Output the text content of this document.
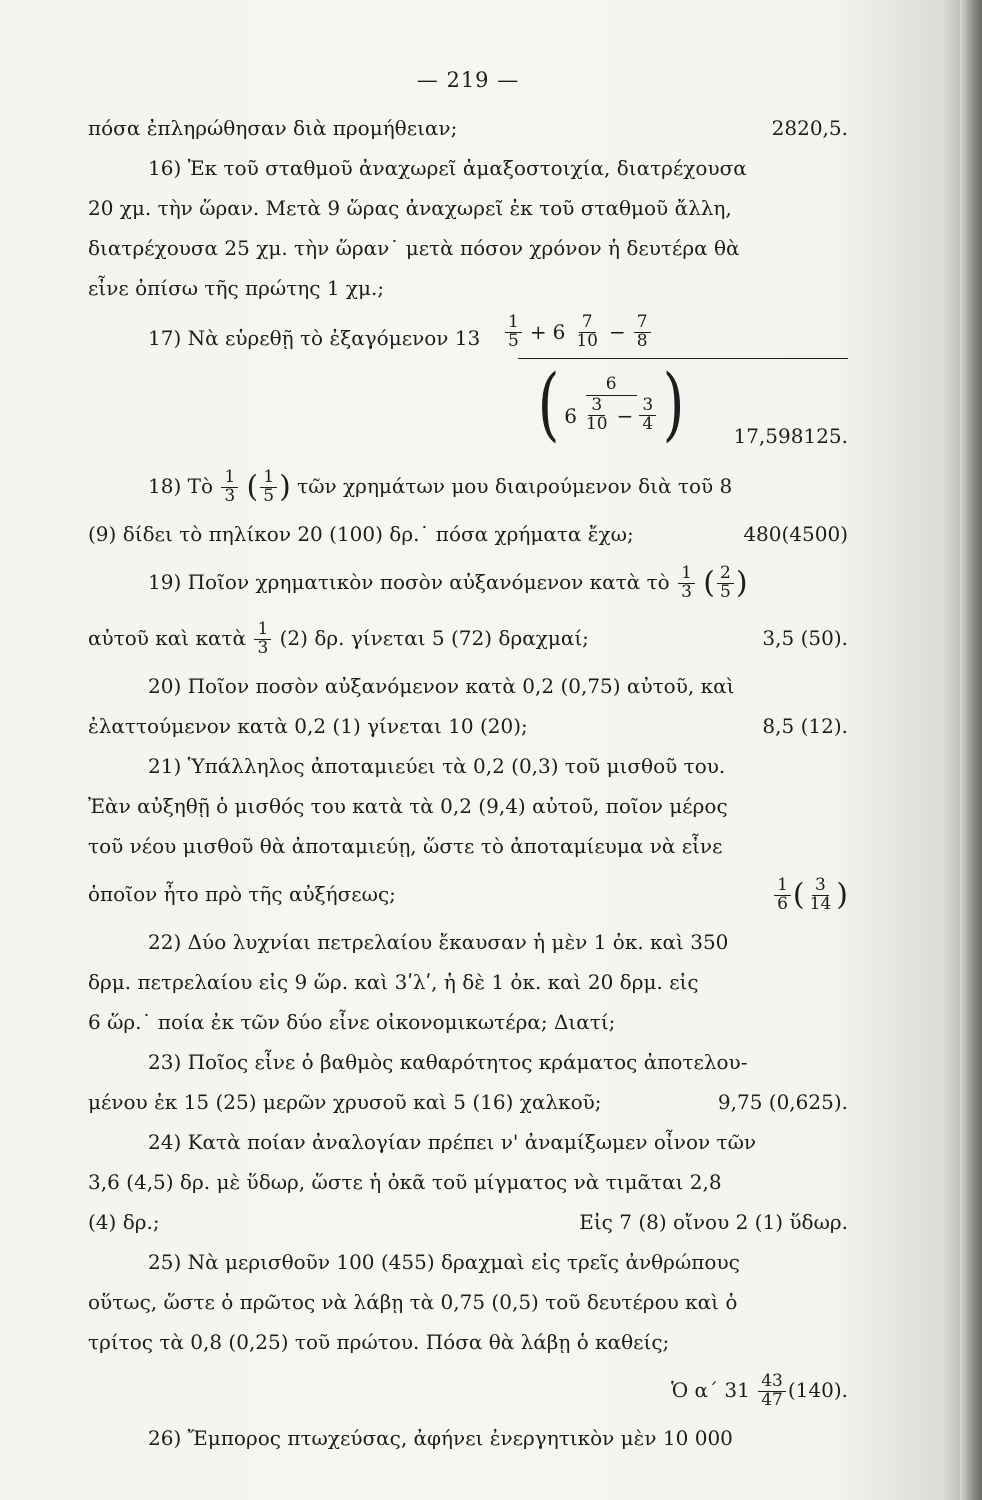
— 219 —
πόσα ἐπληρώθησαν διὰ προμήθειαν;	2820,5.
16) Ἐκ τοῦ σταθμοῦ ἀναχωρεῖ ἁμαξοστοιχία, διατρέχουσα
20 χμ. τὴν ὥραν. Μετὰ 9 ὥρας ἀναχωρεῖ ἐκ τοῦ σταθμοῦ ἄλλη,
διατρέχουσα 25 χμ. τὴν ὥραν˙ μετὰ πόσον χρόνον ἡ δευτέρα θὰ
εἶνε ὀπίσω τῆς πρώτης 1 χμ.;
17) Νὰ εὑρεθῇ τὸ ἐξαγόμενον $13 \frac{1}{5} + 6 \frac{7}{10} - \frac{7}{8}$
(	6
$6 \frac{3}{10} - \frac{3}{4}$ ) 17,598125.
18) Τὸ $\frac{1}{3}$ ( $\frac{1}{5}$ ) τῶν χρημάτων μου διαιρούμενον διὰ τοῦ 8
(9) δίδει τὸ πηλίκον 20 (100) δρ.˙ πόσα χρήματα ἔχω;	480(4500)
19) Ποῖον χρηματικὸν ποσὸν αὐξανόμενον κατὰ τὸ $\frac{1}{3}$ ( $\frac{2}{5}$ )
αὐτοῦ καὶ κατὰ $\frac{1}{3} (2)$ δρ. γίνεται 5 (72) δραχμαί;	3,5 (50).
20) Ποῖον ποσὸν αὐξανόμενον κατὰ 0,2 (0,75) αὐτοῦ, καὶ
ἐλαττούμενον κατὰ 0,2 (1) γίνεται 10 (20);	8,5 (12).
21) Ὑπάλληλος ἀποταμιεύει τὰ 0,2 (0,3) τοῦ μισθοῦ του.
Ἐὰν αὐξηθῇ ὁ μισθός του κατὰ τὰ 0,2 (9,4) αὐτοῦ, ποῖον μέρος
τοῦ νέου μισθοῦ θὰ ἀποταμιεύῃ, ὥστε τὸ ἀποταμίευμα νὰ εἶνε
ὁποῖον ἦτο πρὸ τῆς αὐξήσεως;	$\frac{1}{6}$ ( $\frac{3}{14}$ )
22) Δύο λυχνίαι πετρελαίου ἔκαυσαν ἡ μὲν 1 ὀκ. καὶ 350
δρμ. πετρελαίου εἰς 9 ὥρ. καὶ 3ʹλʹ, ἡ δὲ 1 ὀκ. καὶ 20 δρμ. εἰς
6 ὥρ.˙ ποία ἐκ τῶν δύο εἶνε οἰκονομικωτέρα; Διατί;
23) Ποῖος εἶνε ὁ βαθμὸς καθαρότητος κράματος ἀποτελου-
μένου ἐκ 15 (25) μερῶν χρυσοῦ καὶ 5 (16) χαλκοῦ;	9,75 (0,625).
24) Κατὰ ποίαν ἀναλογίαν πρέπει ν' ἀναμίξωμεν οἶνον τῶν
3,6 (4,5) δρ. μὲ ὕδωρ, ὥστε ἡ ὀκᾶ τοῦ μίγματος νὰ τιμᾶται 2,8
(4) δρ.;	Εἰς 7 (8) οἴνου 2 (1) ὕδωρ.
25) Νὰ μερισθοῦν 100 (455) δραχμαὶ εἰς τρεῖς ἀνθρώπους
οὕτως, ὥστε ὁ πρῶτος νὰ λάβῃ τὰ 0,75 (0,5) τοῦ δευτέρου καὶ ὁ
τρίτος τὰ 0,8 (0,25) τοῦ πρώτου. Πόσα θὰ λάβῃ ὁ καθείς;
Ὁ α´ $31 \frac{43}{47} (140)$.
26) Ἔμπορος πτωχεύσας, ἀφήνει ἐνεργητικὸν μὲν 10 000
